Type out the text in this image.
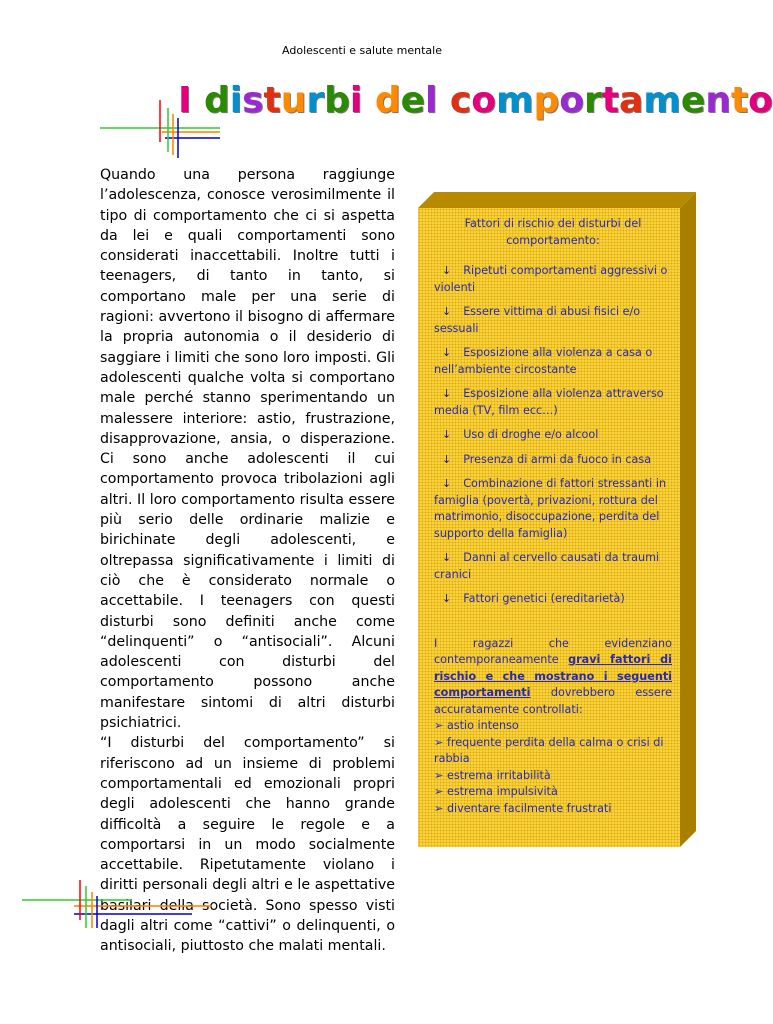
Adolescenti e salute mentale
I disturbi del comportamento

Quando una persona raggiunge l’adolescenza, conosce verosimilmente il tipo di comportamento che ci si aspetta da lei e quali comportamenti sono considerati inaccettabili. Inoltre tutti i teenagers, di tanto in tanto, si comportano male per una serie di ragioni: avvertono il bisogno di affermare la propria autonomia o il desiderio di saggiare i limiti che sono loro imposti. Gli adolescenti qualche volta si comportano male perché stanno sperimentando un malessere interiore: astio, frustrazione, disapprovazione, ansia, o disperazione. Ci sono anche adolescenti il cui comportamento provoca tribolazioni agli altri. Il loro comportamento risulta essere più serio delle ordinarie malizie e birichinate degli adolescenti, e oltrepassa significativamente i limiti di ciò che è considerato normale o accettabile. I teenagers con questi disturbi sono definiti anche come “delinquenti” o “antisociali”. Alcuni adolescenti con disturbi del comportamento possono anche manifestare sintomi di altri disturbi psichiatrici.

“I disturbi del comportamento” si riferiscono ad un insieme di problemi comportamentali ed emozionali propri degli adolescenti che hanno grande difficoltà a seguire le regole e a comportarsi in un modo socialmente accettabile. Ripetutamente violano i diritti personali degli altri e le aspettative basilari della società. Sono spesso visti dagli altri come “cattivi” o delinquenti, o antisociali, piuttosto che malati mentali.

Fattori di rischio dei disturbi del comportamento:
↓ Ripetuti comportamenti aggressivi o violenti
↓ Essere vittima di abusi fisici e/o sessuali
↓ Esposizione alla violenza a casa o nell’ambiente circostante
↓ Esposizione alla violenza attraverso media (TV, film ecc…)
↓ Uso di droghe e/o alcool
↓ Presenza di armi da fuoco in casa
↓ Combinazione di fattori stressanti in famiglia (povertà, privazioni, rottura del matrimonio, disoccupazione, perdita del supporto della famiglia)
↓ Danni al cervello causati da traumi cranici
↓ Fattori genetici (ereditarietà)
I ragazzi che evidenziano contemporaneamente gravi fattori di rischio e che mostrano i seguenti comportamenti dovrebbero essere accuratamente controllati:
➢ astio intenso
➢ frequente perdita della calma o crisi di rabbia
➢ estrema irritabilità
➢ estrema impulsività
➢ diventare facilmente frustrati
